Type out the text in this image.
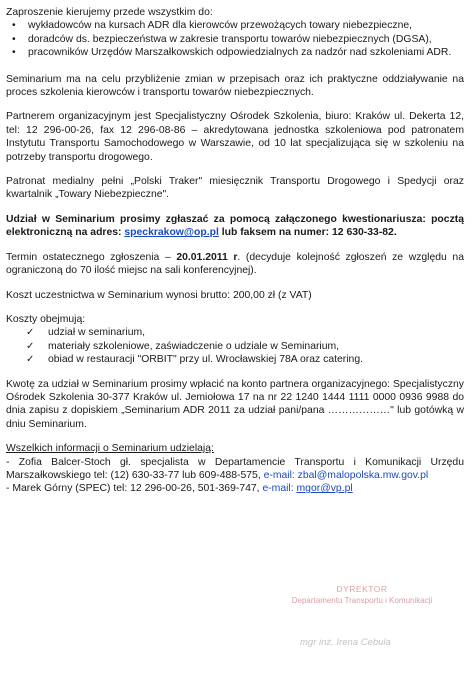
Zaproszenie kierujemy przede wszystkim do:

• wykładowców na kursach ADR dla kierowców przewożących towary niebezpieczne,
• doradców ds. bezpieczeństwa w zakresie transportu towarów niebezpiecznych (DGSA),
• pracowników Urzędów Marszałkowskich odpowiedzialnych za nadzór nad szkoleniami ADR.

Seminarium ma na celu przybliżenie zmian w przepisach oraz ich praktyczne oddziaływanie na proces szkolenia kierowców i transportu towarów niebezpiecznych.

Partnerem organizacyjnym jest Specjalistyczny Ośrodek Szkolenia, biuro: Kraków ul. Dekerta 12, tel: 12 296-00-26, fax 12 296-08-86 – akredytowana jednostka szkoleniowa pod patronatem Instytutu Transportu Samochodowego w Warszawie, od 10 lat specjalizująca się w szkoleniu na potrzeby transportu drogowego.

Patronat medialny pełni „Polski Traker" miesięcznik Transportu Drogowego i Spedycji oraz kwartalnik „Towary Niebezpieczne".

Udział w Seminarium prosimy zgłaszać za pomocą załączonego kwestionariusza: pocztą elektroniczną na adres: speckrakow@op.pl lub faksem na numer: 12 630-33-82.

Termin ostatecznego zgłoszenia – 20.01.2011 r. (decyduje kolejność zgłoszeń ze względu na ograniczoną do 70 ilość miejsc na sali konferencyjnej).

Koszt uczestnictwa w Seminarium wynosi brutto: 200,00 zł (z VAT)

Koszty obejmują:

✓ udział w seminarium,
✓ materiały szkoleniowe, zaświadczenie o udziale w Seminarium,
✓ obiad w restauracji "ORBIT" przy ul. Wrocławskiej 78A oraz catering.

Kwotę za udział w Seminarium prosimy wpłacić na konto partnera organizacyjnego: Specjalistyczny Ośrodek Szkolenia 30-377 Kraków ul. Jemiołowa 17 na nr 22 1240 1444 1111 0000 0936 9988 do dnia zapisu z dopiskiem „Seminarium ADR 2011 za udział pani/pana ………………" lub gotówką w dniu Seminarium.

Wszelkich informacji o Seminarium udzielają:

- Zofia Balcer-Stoch gł. specjalista w Departamencie Transportu i Komunikacji Urzędu Marszałkowskiego tel: (12) 630-33-77 lub 609-488-575, e-mail: zbal@malopolska.mw.gov.pl

- Marek Górny (SPEC) tel: 12 296-00-26, 501-369-747, e-mail: mgor@vp.pl

DYREKTOR
Departamentu Transportu i Komunikacji
mgr inż. Irena Cebula
